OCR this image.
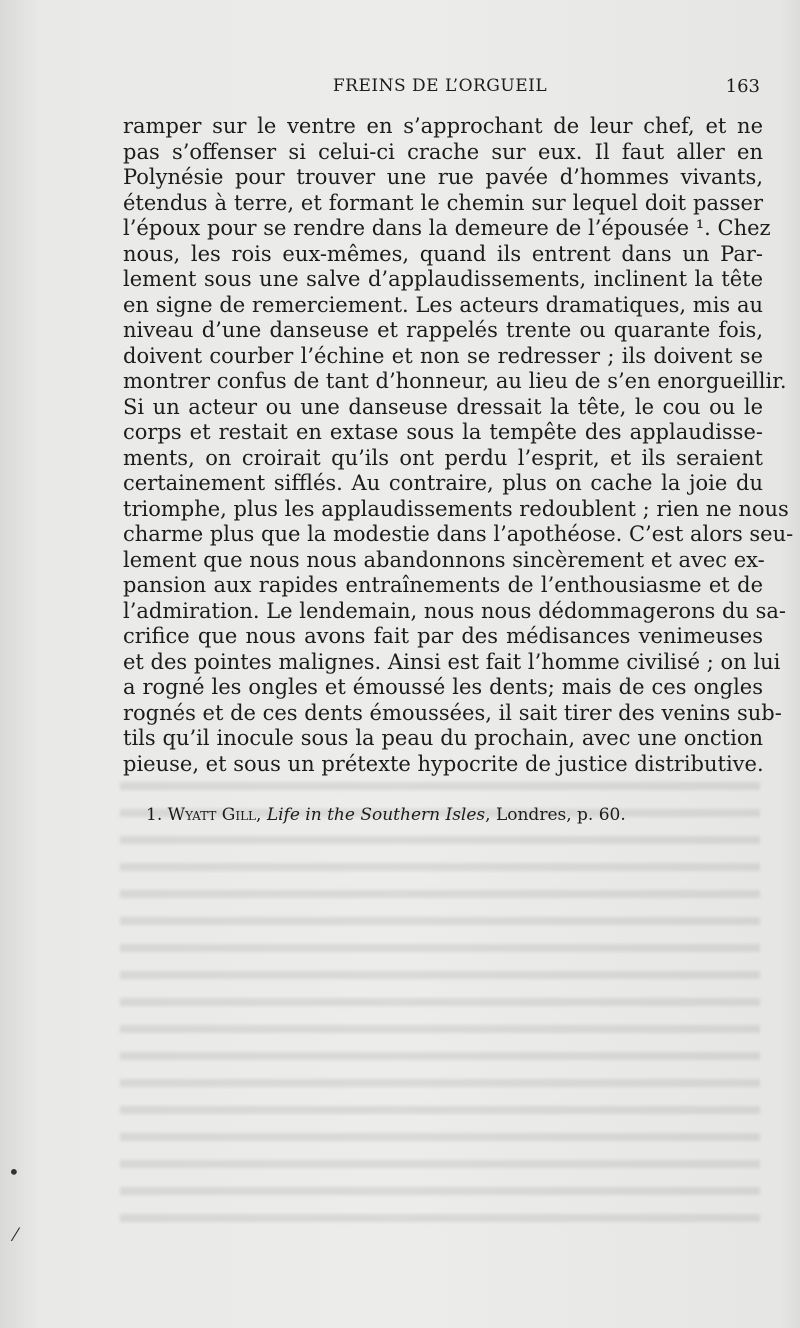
FREINS DE L’ORGUEIL	163
ramper sur le ventre en s’approchant de leur chef, et ne
pas s’offenser si celui-ci crache sur eux. Il faut aller en
Polynésie pour trouver une rue pavée d’hommes vivants,
étendus à terre, et formant le chemin sur lequel doit passer
l’époux pour se rendre dans la demeure de l’épousée ¹. Chez
nous, les rois eux-mêmes, quand ils entrent dans un Par-
lement sous une salve d’applaudissements, inclinent la tête
en signe de remerciement. Les acteurs dramatiques, mis au
niveau d’une danseuse et rappelés trente ou quarante fois,
doivent courber l’échine et non se redresser ; ils doivent se
montrer confus de tant d’honneur, au lieu de s’en enorgueillir.
Si un acteur ou une danseuse dressait la tête, le cou ou le
corps et restait en extase sous la tempête des applaudisse-
ments, on croirait qu’ils ont perdu l’esprit, et ils seraient
certainement sifflés. Au contraire, plus on cache la joie du
triomphe, plus les applaudissements redoublent ; rien ne nous
charme plus que la modestie dans l’apothéose. C’est alors seu-
lement que nous nous abandonnons sincèrement et avec ex-
pansion aux rapides entraînements de l’enthousiasme et de
l’admiration. Le lendemain, nous nous dédommagerons du sa-
crifice que nous avons fait par des médisances venimeuses
et des pointes malignes. Ainsi est fait l’homme civilisé ; on lui
a rogné les ongles et émoussé les dents; mais de ces ongles
rognés et de ces dents émoussées, il sait tirer des venins sub-
tils qu’il inocule sous la peau du prochain, avec une onction
pieuse, et sous un prétexte hypocrite de justice distributive.
1. Wyatt Gill, Life in the Southern Isles, Londres, p. 60.
•
⁄
